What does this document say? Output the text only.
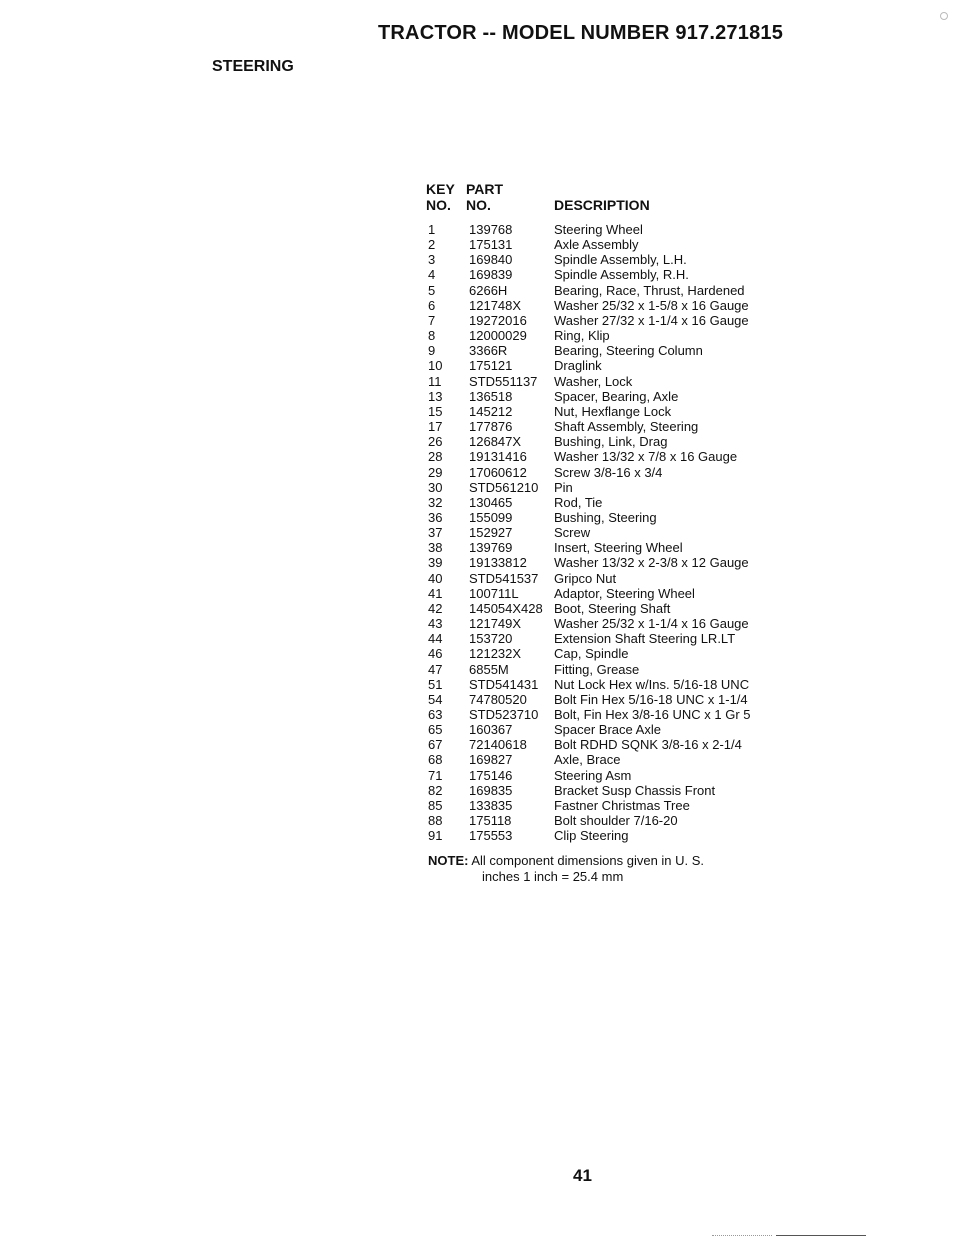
TRACTOR -- MODEL NUMBER 917.271815
STEERING
KEY PART
NO. NO.	DESCRIPTION
1	139768	Steering Wheel
2	175131	Axle Assembly
3	169840	Spindle Assembly, L.H.
4	169839	Spindle Assembly, R.H.
5	6266H	Bearing, Race, Thrust, Hardened
6	121748X	Washer 25/32 x 1-5/8 x 16 Gauge
7	19272016 Washer 27/32 x 1-1/4 x 16 Gauge
8	12000029 Ring, Klip
9	3366R	Bearing, Steering Column
10 175121	Draglink
11 STD551137 Washer, Lock
13 136518	Spacer, Bearing, Axle
15 145212	Nut, Hexflange Lock
17 177876	Shaft Assembly, Steering
26 126847X	Bushing, Link, Drag
28 19131416 Washer 13/32 x 7/8 x 16 Gauge
29 17060612 Screw 3/8-16 x 3/4
30 STD561210 Pin
32 130465	Rod, Tie
36 155099	Bushing, Steering
37 152927	Screw
38 139769	Insert, Steering Wheel
39 19133812 Washer 13/32 x 2-3/8 x 12 Gauge
40 STD541537 Gripco Nut
41 100711L	Adaptor, Steering Wheel
42 145054X428 Boot, Steering Shaft
43 121749X	Washer 25/32 x 1-1/4 x 16 Gauge
44 153720	Extension Shaft Steering LR.LT
46 121232X	Cap, Spindle
47 6855M	Fitting, Grease
51 STD541431 Nut Lock Hex w/Ins. 5/16-18 UNC
54 74780520 Bolt Fin Hex 5/16-18 UNC x 1-1/4
63 STD523710 Bolt, Fin Hex 3/8-16 UNC x 1 Gr 5
65 160367	Spacer Brace Axle
67 72140618 Bolt RDHD SQNK 3/8-16 x 2-1/4
68 169827	Axle, Brace
71 175146	Steering Asm
82 169835	Bracket Susp Chassis Front
85 133835	Fastner Christmas Tree
88 175118	Bolt shoulder 7/16-20
91 175553	Clip Steering
NOTE: All component dimensions given in U. S.
inches 1 inch = 25.4 mm
41
